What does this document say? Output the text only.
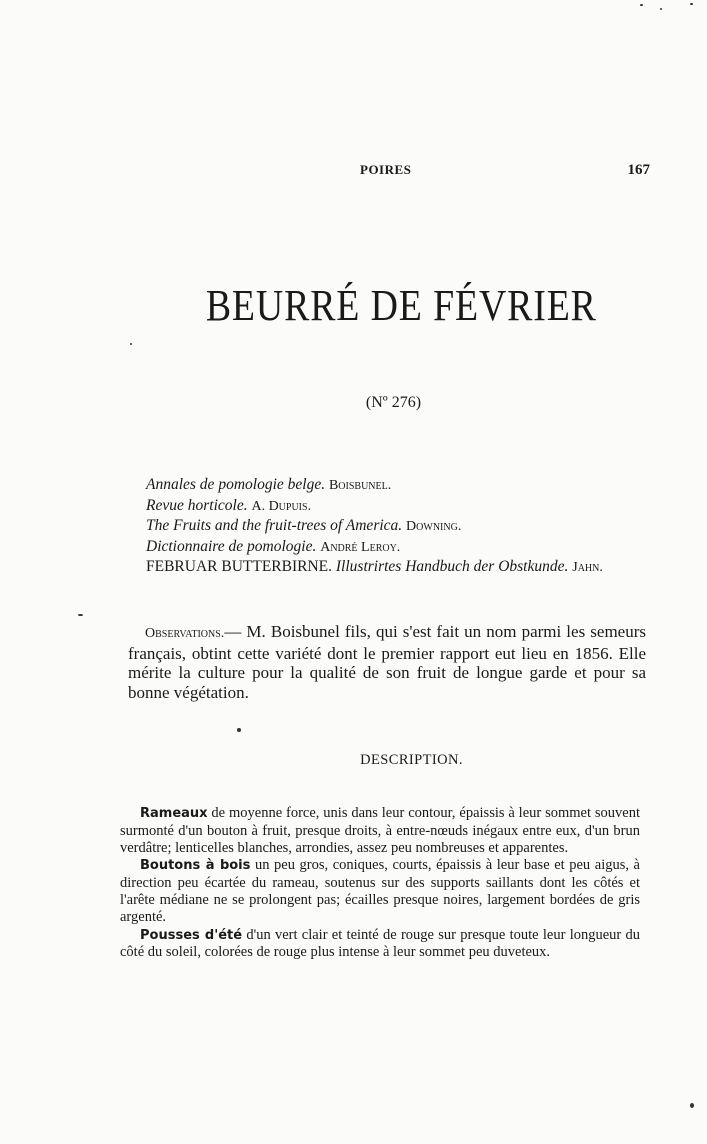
POIRES	167
BEURRÉ DE FÉVRIER
(Nº 276)
Annales de pomologie belge. Boisbunel.
Revue horticole. A. Dupuis.
The Fruits and the fruit-trees of America. Downing.
Dictionnaire de pomologie. André Leroy.
FEBRUAR BUTTERBIRNE. Illustrirtes Handbuch der Obstkunde. Jahn.
Observations.— M. Boisbunel fils, qui s'est fait un nom parmi les semeurs français, obtint cette variété dont le premier rapport eut lieu en 1856. Elle mérite la culture pour la qualité de son fruit de longue garde et pour sa bonne végétation.
DESCRIPTION.

Rameaux de moyenne force, unis dans leur contour, épaissis à leur sommet souvent surmonté d'un bouton à fruit, presque droits, à entre-nœuds inégaux entre eux, d'un brun verdâtre; lenticelles blanches, arrondies, assez peu nombreuses et apparentes.

Boutons à bois un peu gros, coniques, courts, épaissis à leur base et peu aigus, à direction peu écartée du rameau, soutenus sur des supports saillants dont les côtés et l'arête médiane ne se prolongent pas; écailles presque noires, largement bordées de gris argenté.

Pousses d'été d'un vert clair et teinté de rouge sur presque toute leur longueur du côté du soleil, colorées de rouge plus intense à leur sommet peu duveteux.
